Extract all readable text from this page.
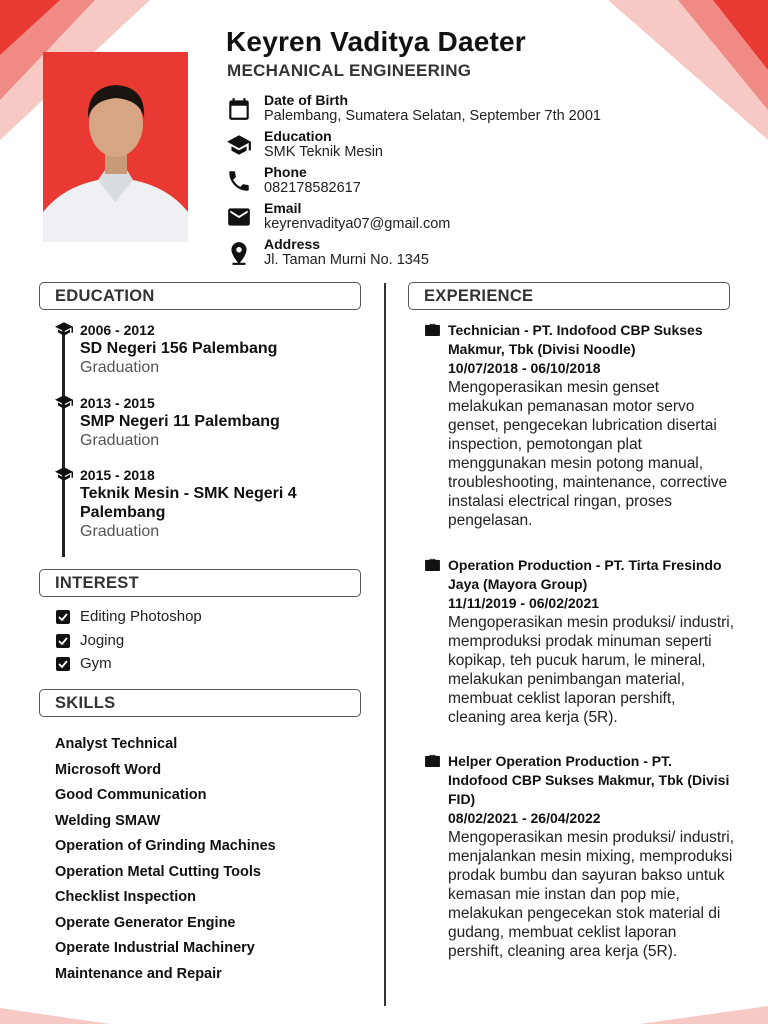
Keyren Vaditya Daeter
MECHANICAL ENGINEERING
Date of Birth
Palembang, Sumatera Selatan, September 7th 2001
Education
SMK Teknik Mesin
Phone
082178582617
Email
keyrenvaditya07@gmail.com
Address
Jl. Taman Murni No. 1345
EDUCATION
2006 - 2012
SD Negeri 156 Palembang
Graduation
2013 - 2015
SMP Negeri 11 Palembang
Graduation
2015 - 2018
Teknik Mesin - SMK Negeri 4 Palembang
Graduation
INTEREST
Editing Photoshop
Joging
Gym
SKILLS
Analyst Technical
Microsoft Word
Good Communication
Welding SMAW
Operation of Grinding Machines
Operation Metal Cutting Tools
Checklist Inspection
Operate Generator Engine
Operate Industrial Machinery
Maintenance and Repair
EXPERIENCE
Technician - PT. Indofood CBP Sukses Makmur, Tbk (Divisi Noodle)
10/07/2018 - 06/10/2018
Mengoperasikan mesin genset melakukan pemanasan motor servo genset, pengecekan lubrication disertai inspection, pemotongan plat menggunakan mesin potong manual, troubleshooting, maintenance, corrective instalasi electrical ringan, proses pengelasan.
Operation Production - PT. Tirta Fresindo Jaya (Mayora Group)
11/11/2019 - 06/02/2021
Mengoperasikan mesin produksi/ industri, memproduksi prodak minuman seperti kopikap, teh pucuk harum, le mineral, melakukan penimbangan material, membuat ceklist laporan pershift, cleaning area kerja (5R).
Helper Operation Production - PT. Indofood CBP Sukses Makmur, Tbk (Divisi FID)
08/02/2021 - 26/04/2022
Mengoperasikan mesin produksi/ industri, menjalankan mesin mixing, memproduksi prodak bumbu dan sayuran bakso untuk kemasan mie instan dan pop mie, melakukan pengecekan stok material di gudang, membuat ceklist laporan pershift, cleaning area kerja (5R).
